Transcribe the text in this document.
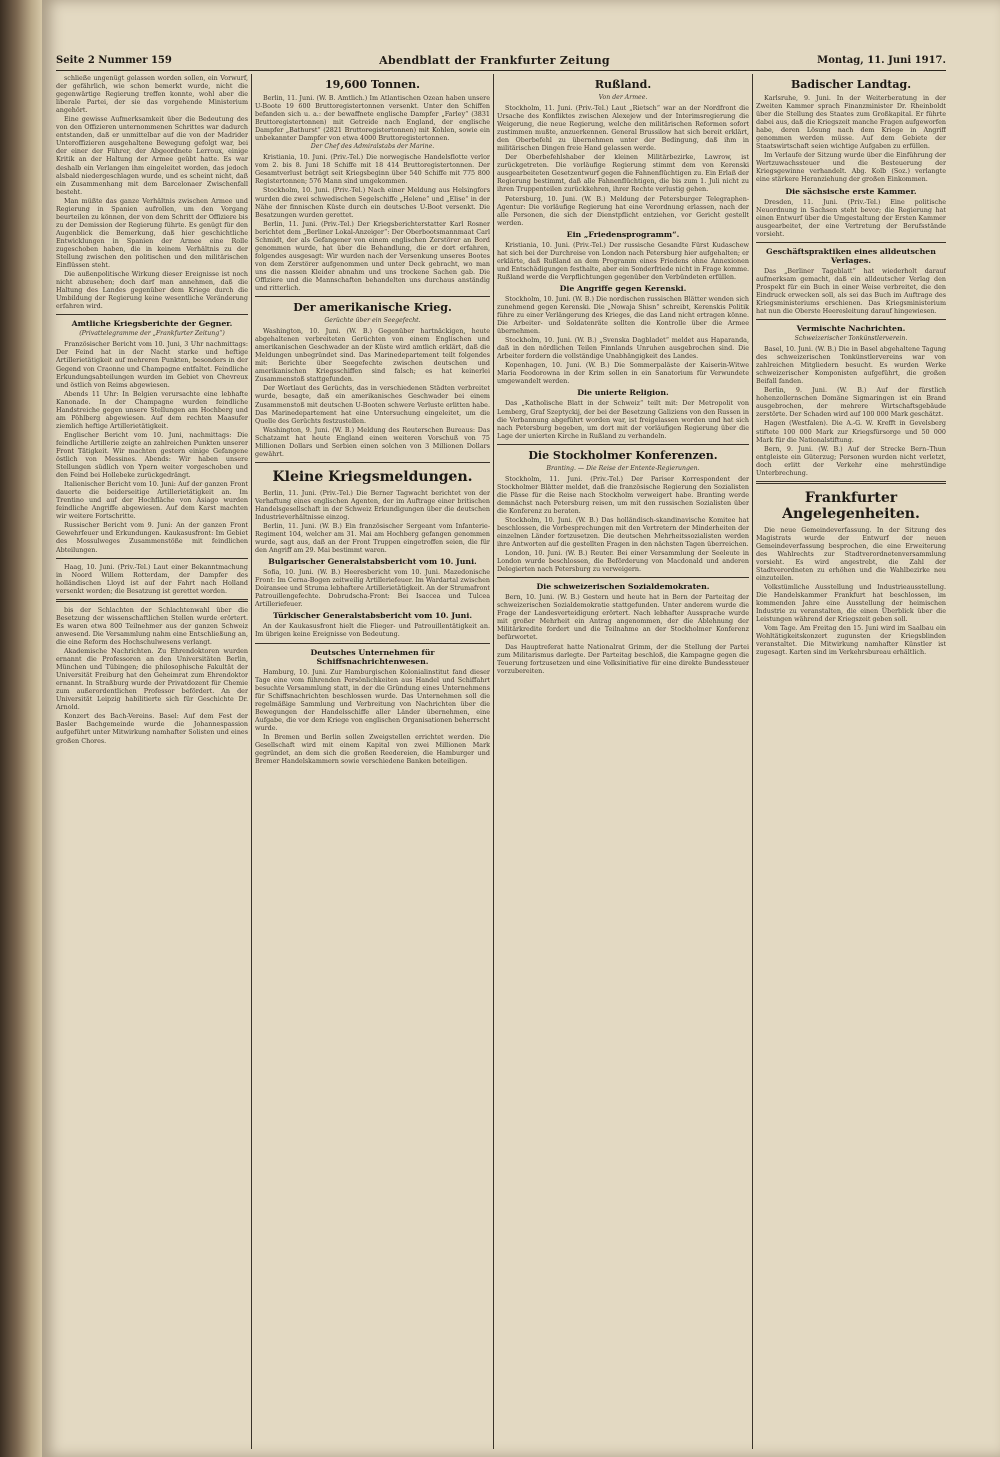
Seite 2 Nummer 159	Abendblatt der Frankfurter Zeitung	Montag, 11. Juni 1917.

schließe ungenügt gelassen worden sollen, ein Vorwurf, der gefährlich, wie schon bemerkt wurde, nicht die gegenwärtige Regierung treffen konnte, wohl aber die liberale Partei, der sie das vorgehende Ministerium angehört.

Eine gewisse Aufmerksamkeit über die Bedeutung des von den Offizieren unternommenen Schrittes war dadurch entstanden, daß er unmittelbar auf die von der Madrider Unteroffizieren ausgehaltene Bewegung gefolgt war, bei der einer der Führer, der Abgeordnete Lerroux, einige Kritik an der Haltung der Armee geübt hatte. Es war deshalb ein Verlangen ihm eingeleitet worden, das jedoch alsbald niedergeschlagen wurde, und es scheint nicht, daß ein Zusammenhang mit dem Barcelonaer Zwischenfall besteht.

Man müßte das ganze Verhältnis zwischen Armee und Regierung in Spanien aufrollen, um den Vorgang beurteilen zu können, der von dem Schritt der Offiziere bis zu der Demission der Regierung führte. Es genügt für den Augenblick die Bemerkung, daß hier geschichtliche Entwicklungen in Spanien der Armee eine Rolle zugeschoben haben, die in keinem Verhältnis zu der Stellung zwischen den politischen und den militärischen Einflüssen steht.

Die außenpolitische Wirkung dieser Ereignisse ist noch nicht abzusehen; doch darf man annehmen, daß die Haltung des Landes gegenüber dem Kriege durch die Umbildung der Regierung keine wesentliche Veränderung erfahren wird.

Amtliche Kriegsberichte der Gegner.
(Privattelegramme der „Frankfurter Zeitung“)

Französischer Bericht vom 10. Juni, 3 Uhr nachmittags: Der Feind hat in der Nacht starke und heftige Artillerietätigkeit auf mehreren Punkten, besonders in der Gegend von Craonne und Champagne entfaltet. Feindliche Erkundungsabteilungen wurden im Gebiet von Chevreux und östlich von Reims abgewiesen.

Abends 11 Uhr: In Belgien verursachte eine lebhafte Kanonade. In der Champagne wurden feindliche Handstreiche gegen unsere Stellungen am Hochberg und am Pöhlberg abgewiesen. Auf dem rechten Maasufer ziemlich heftige Artillerietätigkeit.

Englischer Bericht vom 10. Juni, nachmittags: Die feindliche Artillerie zeigte an zahlreichen Punkten unserer Front Tätigkeit. Wir machten gestern einige Gefangene östlich von Messines. Abends: Wir haben unsere Stellungen südlich von Ypern weiter vorgeschoben und den Feind bei Hollebeke zurückgedrängt.

Italienischer Bericht vom 10. Juni: Auf der ganzen Front dauerte die beiderseitige Artillerietätigkeit an. Im Trentino und auf der Hochfläche von Asiago wurden feindliche Angriffe abgewiesen. Auf dem Karst machten wir weitere Fortschritte.

Russischer Bericht vom 9. Juni: An der ganzen Front Gewehrfeuer und Erkundungen. Kaukasusfront: Im Gebiet des Mossulweges Zusammenstöße mit feindlichen Abteilungen.

Haag, 10. Juni. (Priv.-Tel.) Laut einer Bekanntmachung in Noord Willem Rotterdam, der Dampfer des holländischen Lloyd ist auf der Fahrt nach Holland versenkt worden; die Besatzung ist gerettet worden.

bis der Schlachten der Schlachtenwahl über die Besetzung der wissenschaftlichen Stellen wurde erörtert. Es waren etwa 800 Teilnehmer aus der ganzen Schweiz anwesend. Die Versammlung nahm eine Entschließung an, die eine Reform des Hochschulwesens verlangt.

Akademische Nachrichten. Zu Ehrendoktoren wurden ernannt die Professoren an den Universitäten Berlin, München und Tübingen; die philosophische Fakultät der Universität Freiburg hat den Geheimrat zum Ehrendoktor ernannt. In Straßburg wurde der Privatdozent für Chemie zum außerordentlichen Professor befördert. An der Universität Leipzig habilitierte sich für Geschichte Dr. Arnold.

Konzert des Bach-Vereins. Basel: Auf dem Fest der Basler Bachgemeinde wurde die Johannespassion aufgeführt unter Mitwirkung namhafter Solisten und eines großen Chores.

19,600 Tonnen.

Berlin, 11. Juni. (W. B. Amtlich.) Im Atlantischen Ozean haben unsere U-Boote 19 600 Bruttoregistertonnen versenkt. Unter den Schiffen befanden sich u. a.: der bewaffnete englische Dampfer „Farley“ (3831 Bruttoregistertonnen) mit Getreide nach England, der englische Dampfer „Bathurst“ (2821 Bruttoregistertonnen) mit Kohlen, sowie ein unbekannter Dampfer von etwa 4000 Bruttoregistertonnen.

Der Chef des Admiralstabs der Marine.

Kristiania, 10. Juni. (Priv.-Tel.) Die norwegische Handelsflotte verlor vom 2. bis 8. Juni 18 Schiffe mit 18 414 Bruttoregistertonnen. Der Gesamtverlust beträgt seit Kriegsbeginn über 540 Schiffe mit 775 800 Registertonnen; 576 Mann sind umgekommen.

Stockholm, 10. Juni. (Priv.-Tel.) Nach einer Meldung aus Helsingfors wurden die zwei schwedischen Segelschiffe „Helene“ und „Elise“ in der Nähe der finnischen Küste durch ein deutsches U-Boot versenkt. Die Besatzungen wurden gerettet.

Berlin, 11. Juni. (Priv.-Tel.) Der Kriegsberichterstatter Karl Rosner berichtet dem „Berliner Lokal-Anzeiger“: Der Oberbootsmannmaat Carl Schmidt, der als Gefangener von einem englischen Zerstörer an Bord genommen wurde, hat über die Behandlung, die er dort erfahren, folgendes ausgesagt: Wir wurden nach der Versenkung unseres Bootes von dem Zerstörer aufgenommen und unter Deck gebracht, wo man uns die nassen Kleider abnahm und uns trockene Sachen gab. Die Offiziere und die Mannschaften behandelten uns durchaus anständig und ritterlich.

Der amerikanische Krieg.
Gerüchte über ein Seegefecht.

Washington, 10. Juni. (W. B.) Gegenüber hartnäckigen, heute abgehaltenen verbreiteten Gerüchten von einem Englischen und amerikanischen Geschwader an der Küste wird amtlich erklärt, daß die Meldungen unbegründet sind. Das Marinedepartement teilt folgendes mit: Berichte über Seegefechte zwischen deutschen und amerikanischen Kriegsschiffen sind falsch; es hat keinerlei Zusammenstoß stattgefunden.

Der Wortlaut des Gerüchts, das in verschiedenen Städten verbreitet wurde, besagte, daß ein amerikanisches Geschwader bei einem Zusammenstoß mit deutschen U-Booten schwere Verluste erlitten habe. Das Marinedepartement hat eine Untersuchung eingeleitet, um die Quelle des Gerüchts festzustellen.

Washington, 9. Juni. (W. B.) Meldung des Reuterschen Bureaus: Das Schatzamt hat heute England einen weiteren Vorschuß von 75 Millionen Dollars und Serbien einen solchen von 3 Millionen Dollars gewährt.

Kleine Kriegsmeldungen.

Berlin, 11. Juni. (Priv.-Tel.) Die Berner Tagwacht berichtet von der Verhaftung eines englischen Agenten, der im Auftrage einer britischen Handelsgesellschaft in der Schweiz Erkundigungen über die deutschen Industrieverhältnisse einzog.

Berlin, 11. Juni. (W. B.) Ein französischer Sergeant vom Infanterie-Regiment 104, welcher am 31. Mai am Hochberg gefangen genommen wurde, sagt aus, daß an der Front Truppen eingetroffen seien, die für den Angriff am 29. Mai bestimmt waren.

Bulgarischer Generalstabsbericht vom 10. Juni.

Sofia, 10. Juni. (W. B.) Heeresbericht vom 10. Juni. Mazedonische Front: Im Cerna-Bogen zeitweilig Artilleriefeuer. Im Wardartal zwischen Doiransee und Struma lebhaftere Artillerietätigkeit. An der Strumafront Patrouillengefechte. Dobrudscha-Front: Bei Isaccea und Tulcea Artilleriefeuer.

Türkischer Generalstabsbericht vom 10. Juni.

An der Kaukasusfront hielt die Flieger- und Patrouillentätigkeit an. Im übrigen keine Ereignisse von Bedeutung.

Deutsches Unternehmen für Schiffsnachrichtenwesen.

Hamburg, 10. Juni. Zur Hamburgischen Kolonialinstitut fand dieser Tage eine vom führenden Persönlichkeiten aus Handel und Schiffahrt besuchte Versammlung statt, in der die Gründung eines Unternehmens für Schiffsnachrichten beschlossen wurde. Das Unternehmen soll die regelmäßige Sammlung und Verbreitung von Nachrichten über die Bewegungen der Handelsschiffe aller Länder übernehmen, eine Aufgabe, die vor dem Kriege von englischen Organisationen beherrscht wurde.

In Bremen und Berlin sollen Zweigstellen errichtet werden. Die Gesellschaft wird mit einem Kapital von zwei Millionen Mark gegründet, an dem sich die großen Reedereien, die Hamburger und Bremer Handelskammern sowie verschiedene Banken beteiligen.

Rußland.
Von der Armee.

Stockholm, 11. Juni. (Priv.-Tel.) Laut „Rietsch“ war an der Nordfront die Ursache des Konfliktes zwischen Alexejew und der Interimsregierung die Weigerung, die neue Regierung, welche den militärischen Reformen sofort zustimmen mußte, anzuerkennen. General Brussilow hat sich bereit erklärt, den Oberbefehl zu übernehmen unter der Bedingung, daß ihm in militärischen Dingen freie Hand gelassen werde.

Der Oberbefehlshaber der kleinen Militärbezirke, Lawrow, ist zurückgetreten. Die vorläufige Regierung stimmt dem von Kerenski ausgearbeiteten Gesetzentwurf gegen die Fahnenflüchtigen zu. Ein Erlaß der Regierung bestimmt, daß alle Fahnenflüchtigen, die bis zum 1. Juli nicht zu ihren Truppenteilen zurückkehren, ihrer Rechte verlustig gehen.

Petersburg, 10. Juni. (W. B.) Meldung der Petersburger Telegraphen-Agentur: Die vorläufige Regierung hat eine Verordnung erlassen, nach der alle Personen, die sich der Dienstpflicht entziehen, vor Gericht gestellt werden.

Ein „Friedensprogramm“.

Kristiania, 10. Juni. (Priv.-Tel.) Der russische Gesandte Fürst Kudaschew hat sich bei der Durchreise von London nach Petersburg hier aufgehalten; er erklärte, daß Rußland an dem Programm eines Friedens ohne Annexionen und Entschädigungen festhalte, aber ein Sonderfriede nicht in Frage komme. Rußland werde die Verpflichtungen gegenüber den Verbündeten erfüllen.

Die Angriffe gegen Kerenski.

Stockholm, 10. Juni. (W. B.) Die nordischen russischen Blätter wenden sich zunehmend gegen Kerenski. Die „Nowaja Shisn“ schreibt, Kerenskis Politik führe zu einer Verlängerung des Krieges, die das Land nicht ertragen könne. Die Arbeiter- und Soldatenräte sollten die Kontrolle über die Armee übernehmen.

Stockholm, 10. Juni. (W. B.) „Svenska Dagbladet“ meldet aus Haparanda, daß in den nördlichen Teilen Finnlands Unruhen ausgebrochen sind. Die Arbeiter fordern die vollständige Unabhängigkeit des Landes.

Kopenhagen, 10. Juni. (W. B.) Die Sommerpaläste der Kaiserin-Witwe Maria Feodorowna in der Krim sollen in ein Sanatorium für Verwundete umgewandelt werden.

Die unierte Religion.

Das „Katholische Blatt in der Schweiz“ teilt mit: Der Metropolit von Lemberg, Graf Szeptyckij, der bei der Besetzung Galiziens von den Russen in die Verbannung abgeführt worden war, ist freigelassen worden und hat sich nach Petersburg begeben, um dort mit der vorläufigen Regierung über die Lage der unierten Kirche in Rußland zu verhandeln.

Die Stockholmer Konferenzen.
Branting. — Die Reise der Entente-Regierungen.

Stockholm, 11. Juni. (Priv.-Tel.) Der Pariser Korrespondent der Stockholmer Blätter meldet, daß die französische Regierung den Sozialisten die Pässe für die Reise nach Stockholm verweigert habe. Branting werde demnächst nach Petersburg reisen, um mit den russischen Sozialisten über die Konferenz zu beraten.

Stockholm, 10. Juni. (W. B.) Das holländisch-skandinavische Komitee hat beschlossen, die Vorbesprechungen mit den Vertretern der Minderheiten der einzelnen Länder fortzusetzen. Die deutschen Mehrheitssozialisten werden ihre Antworten auf die gestellten Fragen in den nächsten Tagen überreichen.

London, 10. Juni. (W. B.) Reuter. Bei einer Versammlung der Seeleute in London wurde beschlossen, die Beförderung von Macdonald und anderen Delegierten nach Petersburg zu verweigern.

Die schweizerischen Sozialdemokraten.

Bern, 10. Juni. (W. B.) Gestern und heute hat in Bern der Parteitag der schweizerischen Sozialdemokratie stattgefunden. Unter anderem wurde die Frage der Landesverteidigung erörtert. Nach lebhafter Aussprache wurde mit großer Mehrheit ein Antrag angenommen, der die Ablehnung der Militärkredite fordert und die Teilnahme an der Stockholmer Konferenz befürwortet.

Das Hauptreferat hatte Nationalrat Grimm, der die Stellung der Partei zum Militarismus darlegte. Der Parteitag beschloß, die Kampagne gegen die Teuerung fortzusetzen und eine Volksinitiative für eine direkte Bundessteuer vorzubereiten.

Badischer Landtag.

Karlsruhe, 9. Juni. In der Weiterberatung in der Zweiten Kammer sprach Finanzminister Dr. Rheinboldt über die Stellung des Staates zum Großkapital. Er führte dabei aus, daß die Kriegszeit manche Fragen aufgeworfen habe, deren Lösung nach dem Kriege in Angriff genommen werden müsse. Auf dem Gebiete der Staatswirtschaft seien wichtige Aufgaben zu erfüllen.

Im Verlaufe der Sitzung wurde über die Einführung der Wertzuwachssteuer und die Besteuerung der Kriegsgewinne verhandelt. Abg. Kolb (Soz.) verlangte eine stärkere Heranziehung der großen Einkommen.

Die sächsische erste Kammer.

Dresden, 11. Juni. (Priv.-Tel.) Eine politische Neuordnung in Sachsen steht bevor; die Regierung hat einen Entwurf über die Umgestaltung der Ersten Kammer ausgearbeitet, der eine Vertretung der Berufsstände vorsieht.

Geschäftspraktiken eines alldeutschen Verlages.

Das „Berliner Tageblatt“ hat wiederholt darauf aufmerksam gemacht, daß ein alldeutscher Verlag den Prospekt für ein Buch in einer Weise verbreitet, die den Eindruck erwecken soll, als sei das Buch im Auftrage des Kriegsministeriums erschienen. Das Kriegsministerium hat nun die Oberste Heeresleitung darauf hingewiesen.

Vermischte Nachrichten.
Schweizerischer Tonkünstlerverein.

Basel, 10. Juni. (W. B.) Die in Basel abgehaltene Tagung des schweizerischen Tonkünstlervereins war von zahlreichen Mitgliedern besucht. Es wurden Werke schweizerischer Komponisten aufgeführt, die großen Beifall fanden.

Berlin, 9. Juni. (W. B.) Auf der fürstlich hohenzollernschen Domäne Sigmaringen ist ein Brand ausgebrochen, der mehrere Wirtschaftsgebäude zerstörte. Der Schaden wird auf 100 000 Mark geschätzt.

Hagen (Westfalen). Die A.-G. W. Krefft in Gevelsberg stiftete 100 000 Mark zur Kriegsfürsorge und 50 000 Mark für die Nationalstiftung.

Bern, 9. Juni. (W. B.) Auf der Strecke Bern–Thun entgleiste ein Güterzug; Personen wurden nicht verletzt, doch erlitt der Verkehr eine mehrstündige Unterbrechung.

Frankfurter Angelegenheiten.

Die neue Gemeindeverfassung. In der Sitzung des Magistrats wurde der Entwurf der neuen Gemeindeverfassung besprochen, die eine Erweiterung des Wahlrechts zur Stadtverordnetenversammlung vorsieht. Es wird angestrebt, die Zahl der Stadtverordneten zu erhöhen und die Wahlbezirke neu einzuteilen.

Volkstümliche Ausstellung und Industrieausstellung. Die Handelskammer Frankfurt hat beschlossen, im kommenden Jahre eine Ausstellung der heimischen Industrie zu veranstalten, die einen Überblick über die Leistungen während der Kriegszeit geben soll.

Vom Tage. Am Freitag den 15. Juni wird im Saalbau ein Wohltätigkeitskonzert zugunsten der Kriegsblinden veranstaltet. Die Mitwirkung namhafter Künstler ist zugesagt. Karten sind im Verkehrsbureau erhältlich.
